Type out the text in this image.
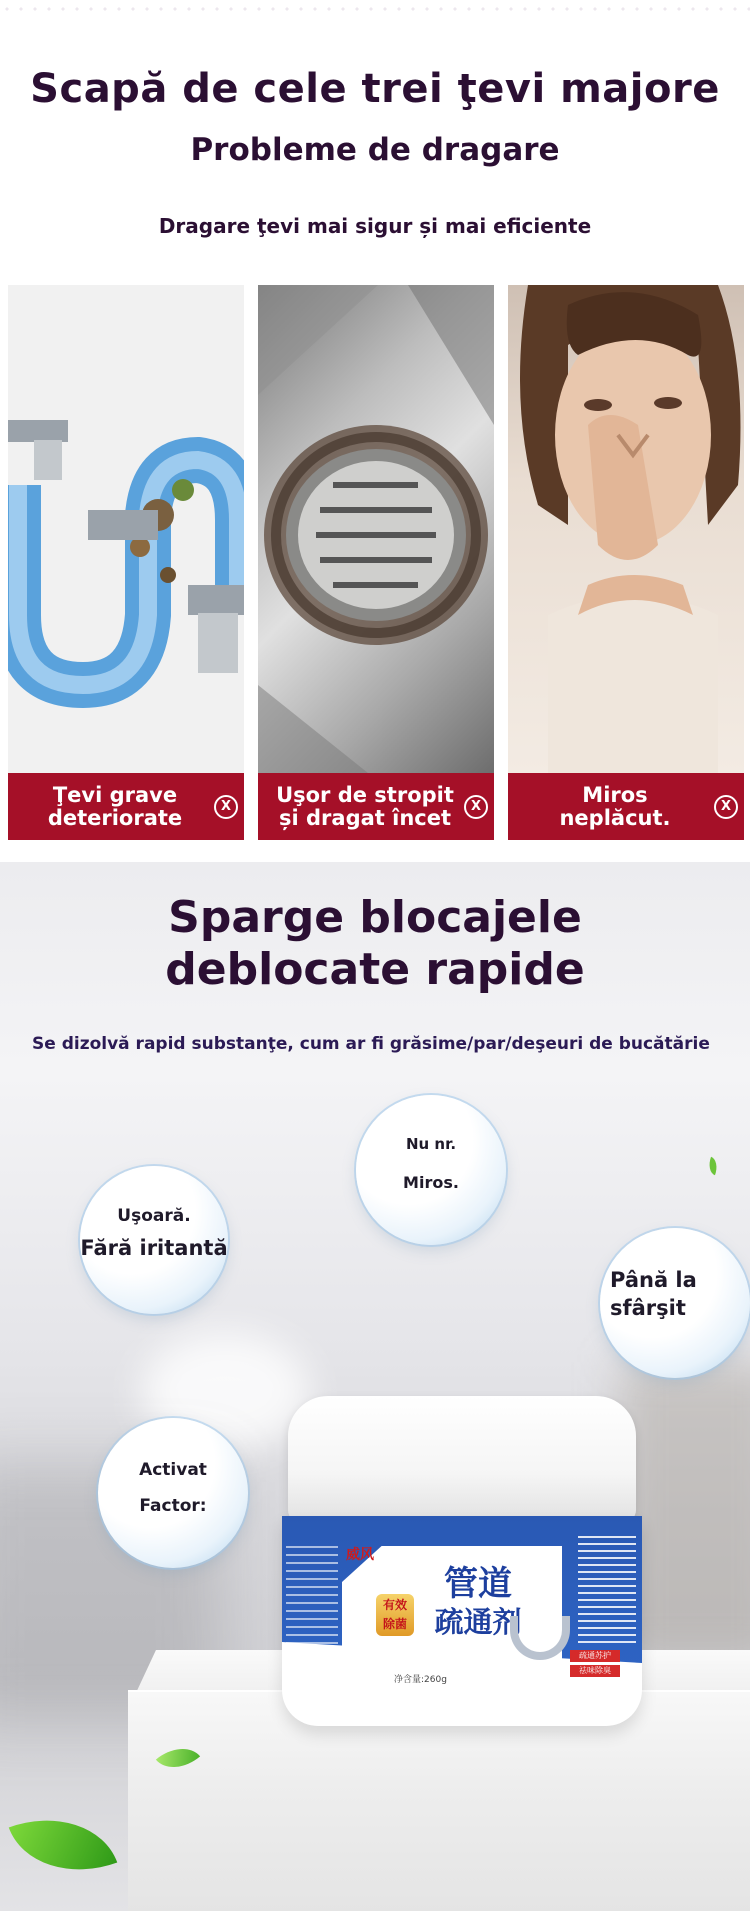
Scapă de cele trei ţevi majore
Probleme de dragare
Dragare ţevi mai sigur și mai eficiente
Ţevi grave
deteriorate	X	Uşor de stropit
și dragat încet	X	Miros
neplăcut.	X
Sparge blocajele
deblocate rapide
Se dizolvă rapid substanţe, cum ar fi grăsime/par/deşeuri de bucătărie
Uşoară.
Fără iritantă
Nu nr.
Miros.
Până la
sfârşit
Activat
Factor:
威风
管道
疏通剂
有效
除菌
疏通苏护
祛味除臭
净含量:260g
